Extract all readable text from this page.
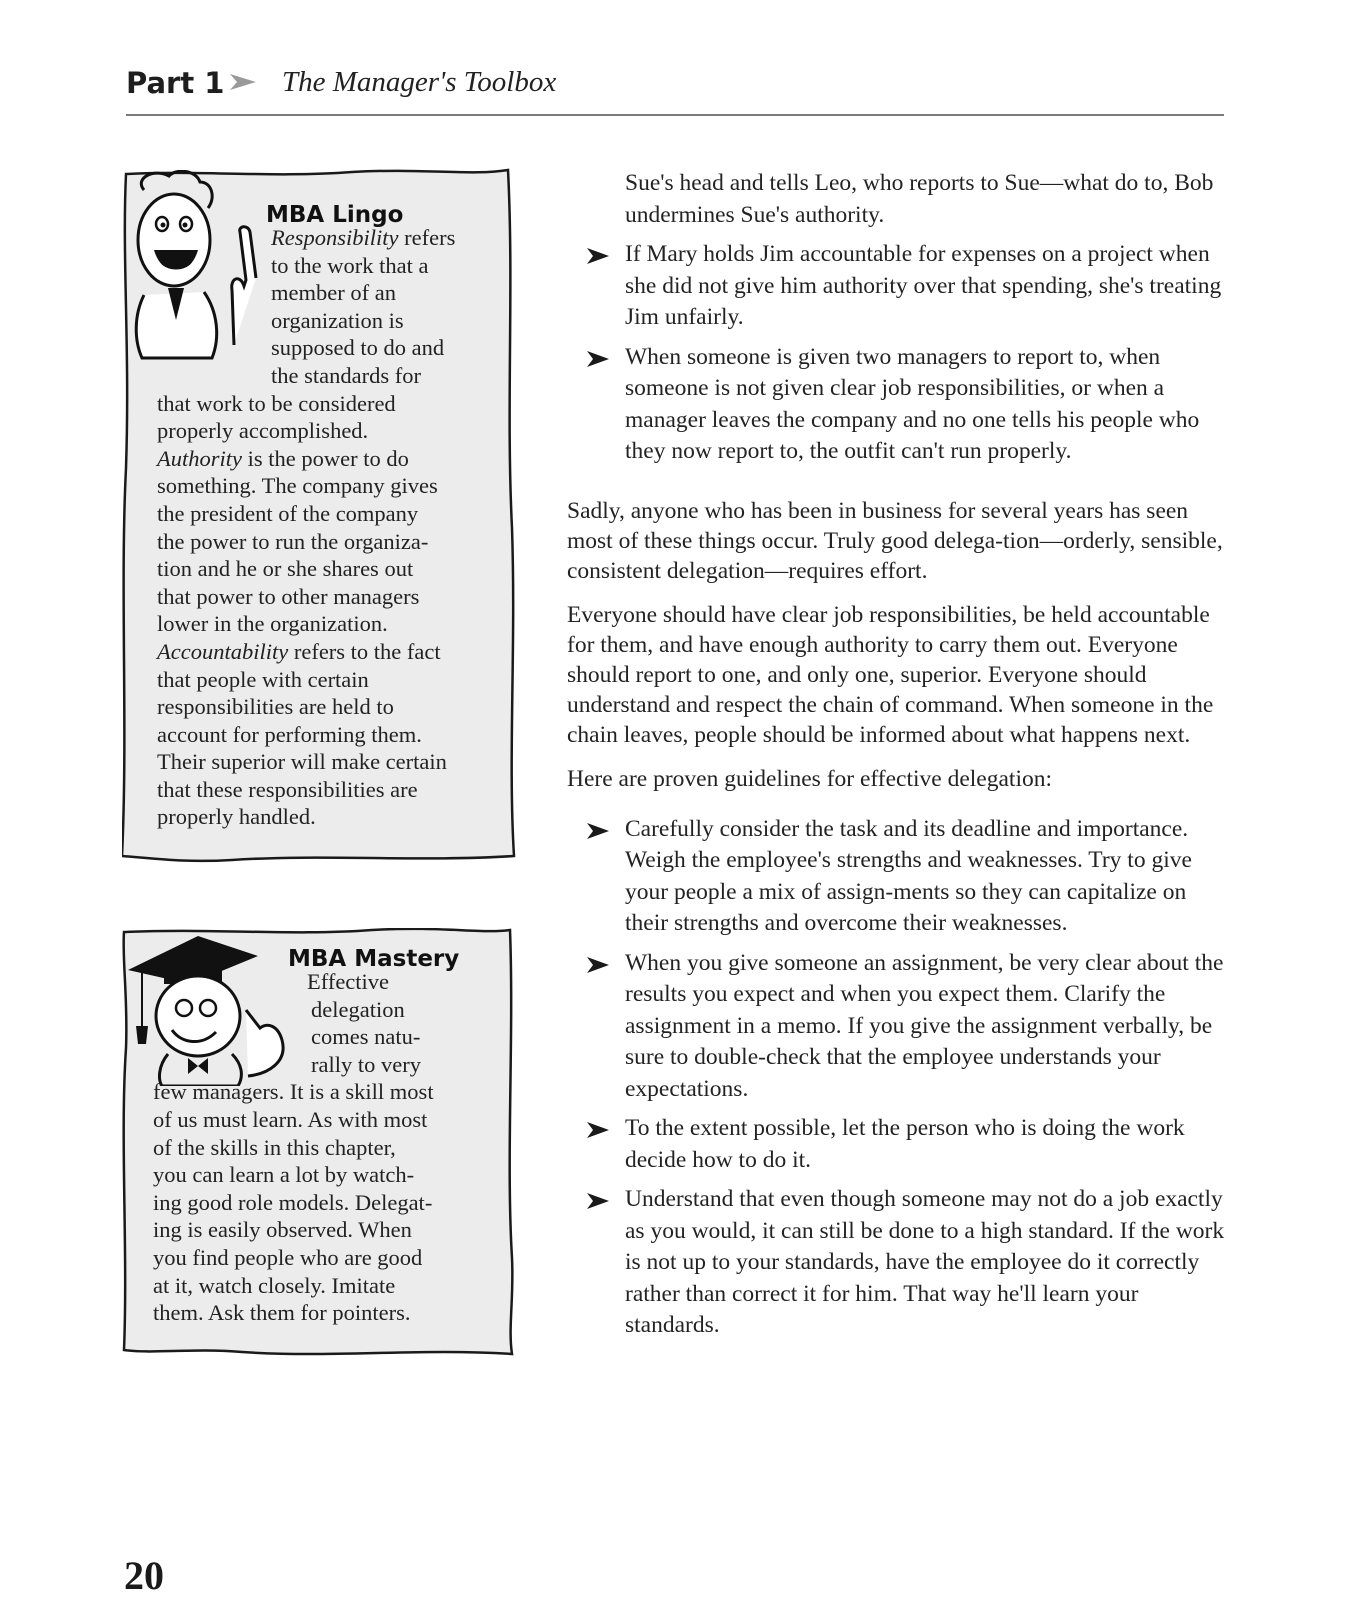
Part 1 The Manager's Toolbox
MBA Lingo
Responsibility refers
to the work that a
member of an
organization is
supposed to do and
the standards for
that work to be considered
properly accomplished.
Authority is the power to do
something. The company gives
the president of the company
the power to run the organiza-
tion and he or she shares out
that power to other managers
lower in the organization.
Accountability refers to the fact
that people with certain
responsibilities are held to
account for performing them.
Their superior will make certain
that these responsibilities are
properly handled.
MBA Mastery
Effective
delegation
comes natu-
rally to very
few managers. It is a skill most
of us must learn. As with most
of the skills in this chapter,
you can learn a lot by watch-
ing good role models. Delegat-
ing is easily observed. When
you find people who are good
at it, watch closely. Imitate
them. Ask them for pointers.

Sue's head and tells Leo, who reports to Sue—what do to, Bob undermines Sue's authority.

If Mary holds Jim accountable for expenses on a project when she did not give him authority over that spending, she's treating Jim unfairly.
When someone is given two managers to report to, when someone is not given clear job responsibilities, or when a manager leaves the company and no one tells his people who they now report to, the outfit can't run properly.

Sadly, anyone who has been in business for several years has seen most of these things occur. Truly good delega-tion—orderly, sensible, consistent delegation—requires effort.

Everyone should have clear job responsibilities, be held accountable for them, and have enough authority to carry them out. Everyone should report to one, and only one, superior. Everyone should understand and respect the chain of command. When someone in the chain leaves, people should be informed about what happens next.

Here are proven guidelines for effective delegation:

Carefully consider the task and its deadline and importance. Weigh the employee's strengths and weaknesses. Try to give your people a mix of assign-ments so they can capitalize on their strengths and overcome their weaknesses.
When you give someone an assignment, be very clear about the results you expect and when you expect them. Clarify the assignment in a memo. If you give the assignment verbally, be sure to double-check that the employee understands your expectations.
To the extent possible, let the person who is doing the work decide how to do it.
Understand that even though someone may not do a job exactly as you would, it can still be done to a high standard. If the work is not up to your standards, have the employee do it correctly rather than correct it for him. That way he'll learn your standards.
20
